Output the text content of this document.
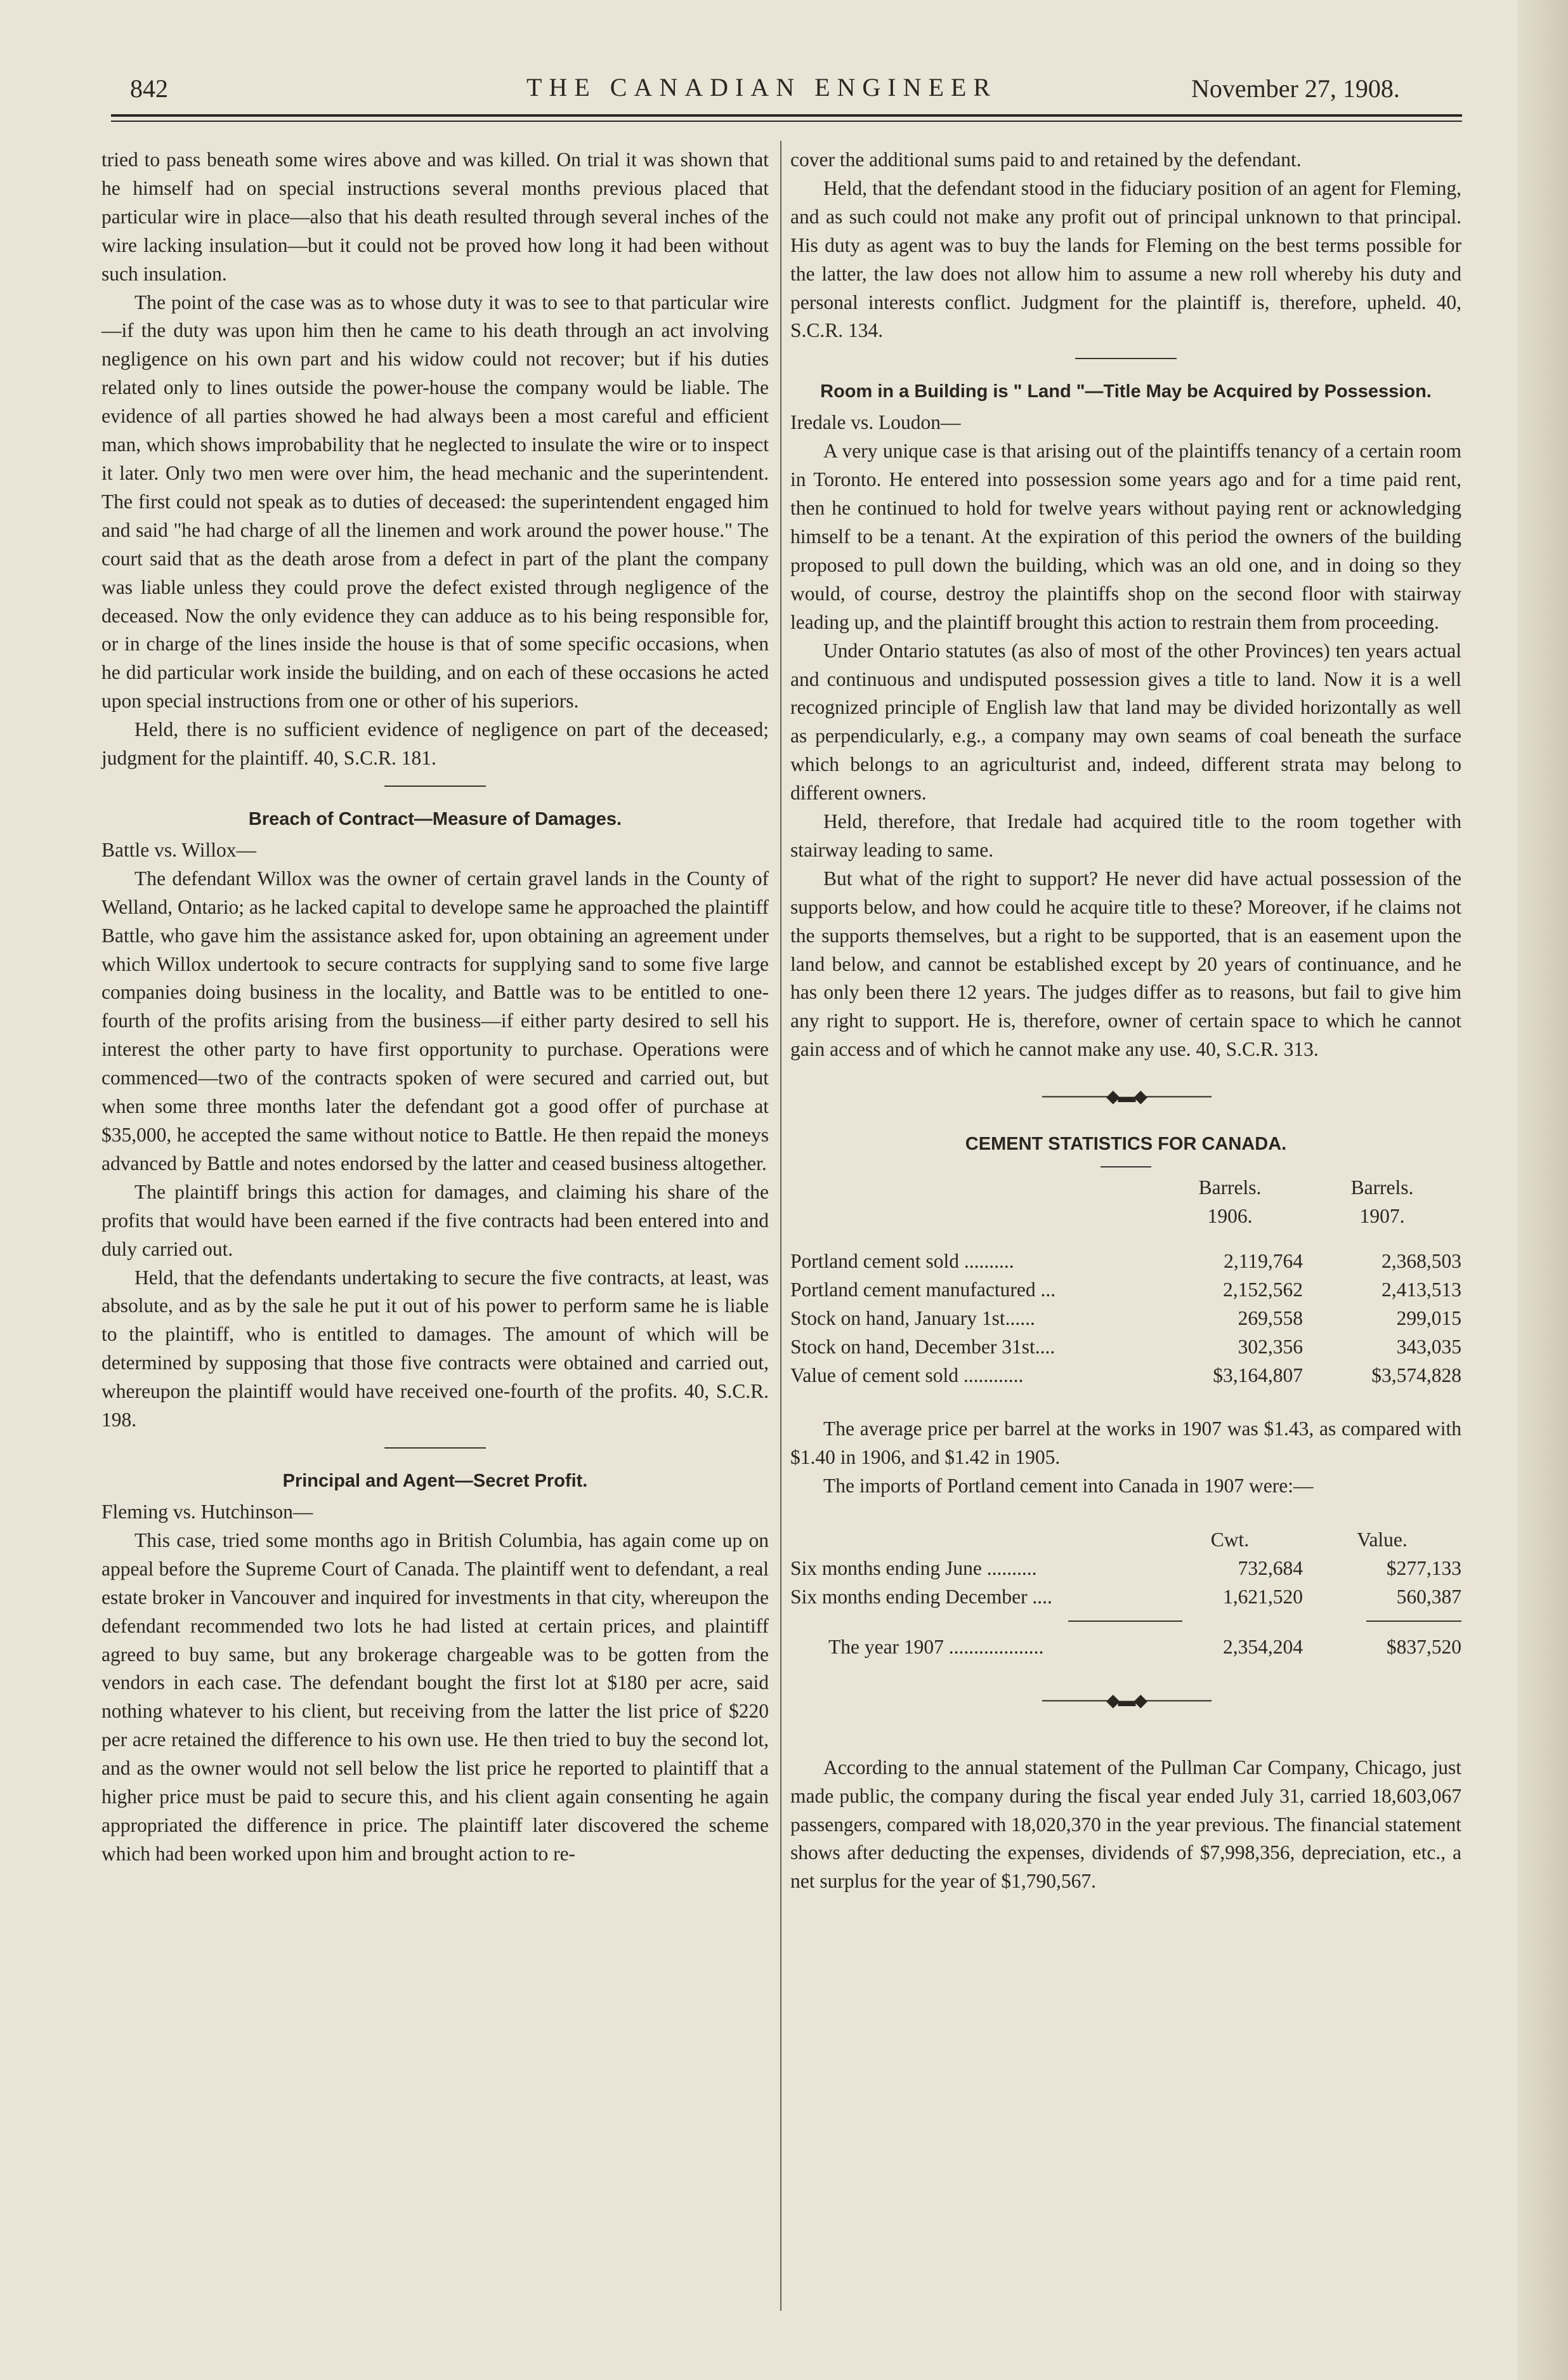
842	THE CANADIAN ENGINEER	November 27, 1908.

tried to pass beneath some wires above and was killed. On trial it was shown that he himself had on special instructions several months previous placed that particular wire in place—also that his death resulted through several inches of the wire lacking insulation—but it could not be proved how long it had been without such insulation.

The point of the case was as to whose duty it was to see to that particular wire—if the duty was upon him then he came to his death through an act involving negligence on his own part and his widow could not recover; but if his duties related only to lines outside the power-house the company would be liable. The evidence of all parties showed he had always been a most careful and efficient man, which shows improbability that he neglected to insulate the wire or to inspect it later. Only two men were over him, the head mechanic and the superintendent. The first could not speak as to duties of deceased: the superintendent engaged him and said "he had charge of all the linemen and work around the power house." The court said that as the death arose from a defect in part of the plant the company was liable unless they could prove the defect existed through negligence of the deceased. Now the only evidence they can adduce as to his being responsible for, or in charge of the lines inside the house is that of some specific occasions, when he did particular work inside the building, and on each of these occasions he acted upon special instructions from one or other of his superiors.

Held, there is no sufficient evidence of negligence on part of the deceased; judgment for the plaintiff. 40, S.C.R. 181.

Breach of Contract—Measure of Damages.

Battle vs. Willox—

The defendant Willox was the owner of certain gravel lands in the County of Welland, Ontario; as he lacked capital to develope same he approached the plaintiff Battle, who gave him the assistance asked for, upon obtaining an agreement under which Willox undertook to secure contracts for supplying sand to some five large companies doing business in the locality, and Battle was to be entitled to one-fourth of the profits arising from the business—if either party desired to sell his interest the other party to have first opportunity to purchase. Operations were commenced—two of the contracts spoken of were secured and carried out, but when some three months later the defendant got a good offer of purchase at $35,000, he accepted the same without notice to Battle. He then repaid the moneys advanced by Battle and notes endorsed by the latter and ceased business altogether.

The plaintiff brings this action for damages, and claiming his share of the profits that would have been earned if the five contracts had been entered into and duly carried out.

Held, that the defendants undertaking to secure the five contracts, at least, was absolute, and as by the sale he put it out of his power to perform same he is liable to the plaintiff, who is entitled to damages. The amount of which will be determined by supposing that those five contracts were obtained and carried out, whereupon the plaintiff would have received one-fourth of the profits. 40, S.C.R. 198.

Principal and Agent—Secret Profit.

Fleming vs. Hutchinson—

This case, tried some months ago in British Columbia, has again come up on appeal before the Supreme Court of Canada. The plaintiff went to defendant, a real estate broker in Vancouver and inquired for investments in that city, whereupon the defendant recommended two lots he had listed at certain prices, and plaintiff agreed to buy same, but any brokerage chargeable was to be gotten from the vendors in each case. The defendant bought the first lot at $180 per acre, said nothing whatever to his client, but receiving from the latter the list price of $220 per acre retained the difference to his own use. He then tried to buy the second lot, and as the owner would not sell below the list price he reported to plaintiff that a higher price must be paid to secure this, and his client again consenting he again appropriated the difference in price. The plaintiff later discovered the scheme which had been worked upon him and brought action to re-

cover the additional sums paid to and retained by the defendant.

Held, that the defendant stood in the fiduciary position of an agent for Fleming, and as such could not make any profit out of principal unknown to that principal. His duty as agent was to buy the lands for Fleming on the best terms possible for the latter, the law does not allow him to assume a new roll whereby his duty and personal interests conflict. Judgment for the plaintiff is, therefore, upheld. 40, S.C.R. 134.

Room in a Building is " Land "—Title May be Acquired by Possession.

Iredale vs. Loudon—

A very unique case is that arising out of the plaintiffs tenancy of a certain room in Toronto. He entered into possession some years ago and for a time paid rent, then he continued to hold for twelve years without paying rent or acknowledging himself to be a tenant. At the expiration of this period the owners of the building proposed to pull down the building, which was an old one, and in doing so they would, of course, destroy the plaintiffs shop on the second floor with stairway leading up, and the plaintiff brought this action to restrain them from proceeding.

Under Ontario statutes (as also of most of the other Provinces) ten years actual and continuous and undisputed possession gives a title to land. Now it is a well recognized principle of English law that land may be divided horizontally as well as perpendicularly, e.g., a company may own seams of coal beneath the surface which belongs to an agriculturist and, indeed, different strata may belong to different owners.

Held, therefore, that Iredale had acquired title to the room together with stairway leading to same.

But what of the right to support? He never did have actual possession of the supports below, and how could he acquire title to these? Moreover, if he claims not the supports themselves, but a right to be supported, that is an easement upon the land below, and cannot be established except by 20 years of continuance, and he has only been there 12 years. The judges differ as to reasons, but fail to give him any right to support. He is, therefore, owner of certain space to which he cannot gain access and of which he cannot make any use. 40, S.C.R. 313.

──────◆▬◆──────
CEMENT STATISTICS FOR CANADA.
Barrels.
1906.
Barrels.
1907.
Portland cement sold ..........	2,119,764	2,368,503
Portland cement manufactured ...	2,152,562	2,413,513
Stock on hand, January 1st......	269,558	299,015
Stock on hand, December 31st....	302,356	343,035
Value of cement sold ............	$3,164,807	$3,574,828

The average price per barrel at the works in 1907 was $1.43, as compared with $1.40 in 1906, and $1.42 in 1905.

The imports of Portland cement into Canada in 1907 were:—

Cwt.	Value.
Six months ending June ..........	732,684	$277,133
Six months ending December ....	1,621,520	560,387
The year 1907 ...................	2,354,204	$837,520
──────◆▬◆──────

According to the annual statement of the Pullman Car Company, Chicago, just made public, the company during the fiscal year ended July 31, carried 18,603,067 passengers, compared with 18,020,370 in the year previous. The financial statement shows after deducting the expenses, dividends of $7,998,356, depreciation, etc., a net surplus for the year of $1,790,567.
